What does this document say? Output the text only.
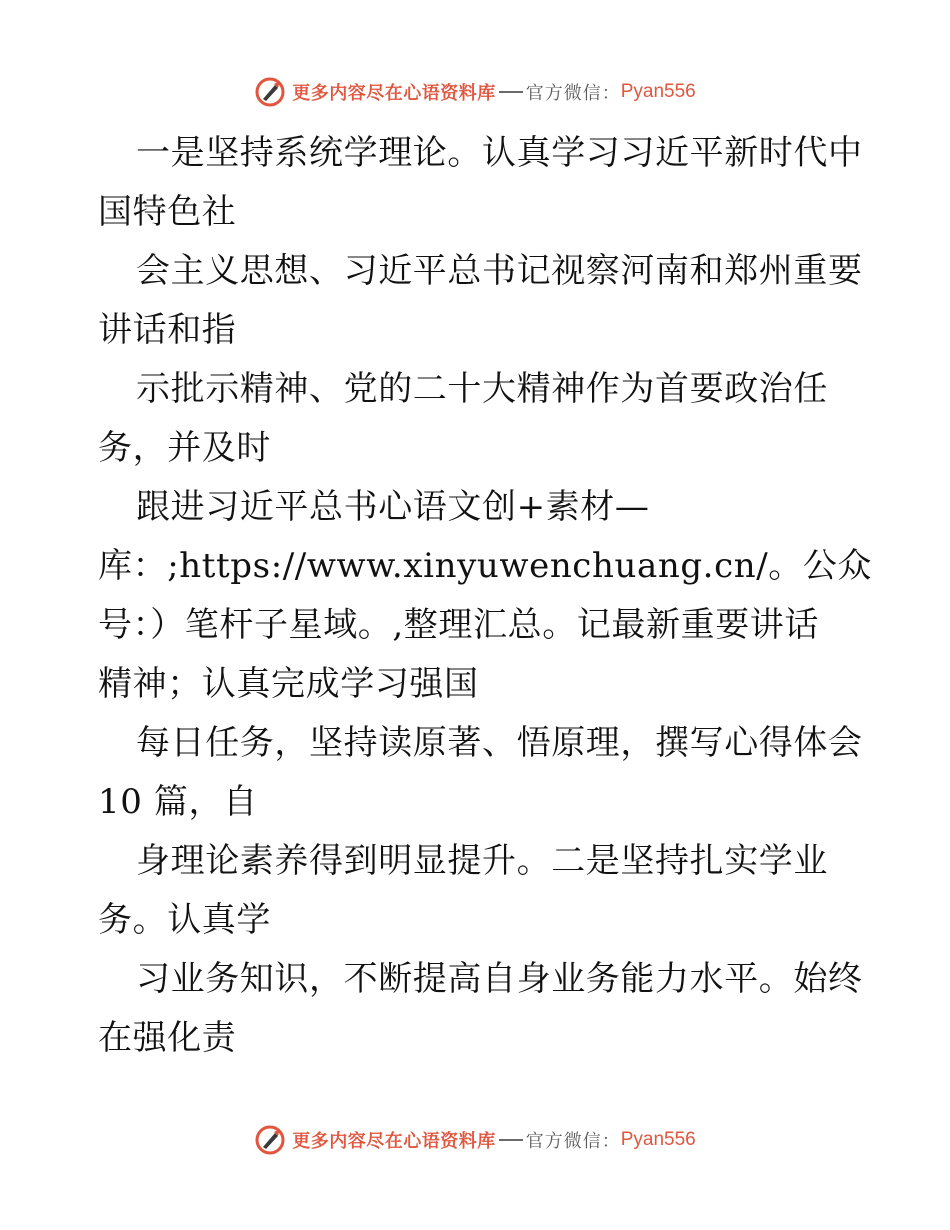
更多内容尽在心语资料库 官方微信： Pyan556
一是坚持系统学理论。认真学习习近平新时代中
国特色社
会主义思想、习近平总书记视察河南和郑州重要
讲话和指
示批示精神、党的二十大精神作为首要政治任
务，并及时
跟进习近平总书心语文创+素材—
库：;https://www.xinyuwenchuang.cn/。公众
号：）笔杆子星域。,整理汇总。记最新重要讲话
精神；认真完成学习强国
每日任务，坚持读原著、悟原理，撰写心得体会
10 篇，自
身理论素养得到明显提升。二是坚持扎实学业
务。认真学
习业务知识，不断提高自身业务能力水平。始终
在强化责
更多内容尽在心语资料库 官方微信： Pyan556
